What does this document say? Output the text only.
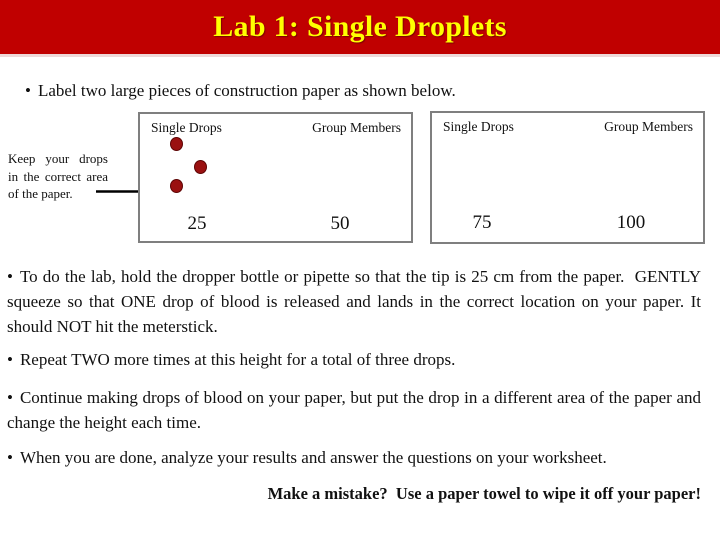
Lab 1: Single Droplets
• Label two large pieces of construction paper as shown below.
Keep your drops
in the correct area
of the paper.
Single Drops	Group Members
25	50
Single Drops	Group Members
75	100

• To do the lab, hold the dropper bottle or pipette so that the tip is 25 cm from the paper.  GENTLY squeeze so that ONE drop of blood is released and lands in the correct location on your paper. It should NOT hit the meterstick.

• Repeat TWO more times at this height for a total of three drops.

• Continue making drops of blood on your paper, but put the drop in a different area of the paper and change the height each time.

• When you are done, analyze your results and answer the questions on your worksheet.

Make a mistake?  Use a paper towel to wipe it off your paper!
